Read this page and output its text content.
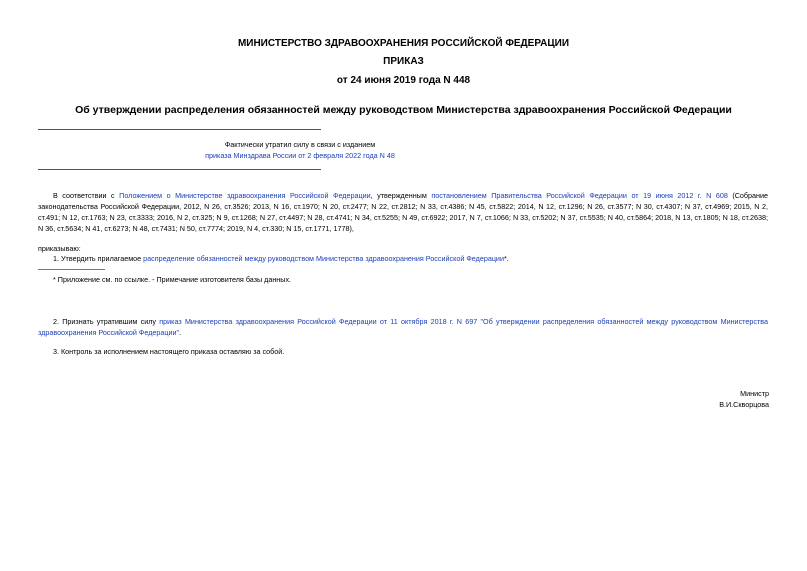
МИНИСТЕРСТВО ЗДРАВООХРАНЕНИЯ РОССИЙСКОЙ ФЕДЕРАЦИИ
ПРИКАЗ
от 24 июня 2019 года N 448
Об утверждении распределения обязанностей между руководством Министерства здравоохранения Российской Федерации
Фактически утратил силу в связи с изданием
приказа Минздрава России от 2 февраля 2022 года N 48

В соответствии с Положением о Министерстве здравоохранения Российской Федерации, утвержденным постановлением Правительства Российской Федерации от 19 июня 2012 г. N 608 (Собрание законодательства Российской Федерации, 2012, N 26, ст.3526; 2013, N 16, ст.1970; N 20, ст.2477; N 22, ст.2812; N 33, ст.4386; N 45, ст.5822; 2014, N 12, ст.1296; N 26, ст.3577; N 30, ст.4307; N 37, ст.4969; 2015, N 2, ст.491; N 12, ст.1763; N 23, ст.3333; 2016, N 2, ст.325; N 9, ст.1268; N 27, ст.4497; N 28, ст.4741; N 34, ст.5255; N 49, ст.6922; 2017, N 7, ст.1066; N 33, ст.5202; N 37, ст.5535; N 40, ст.5864; 2018, N 13, ст.1805; N 18, ст.2638; N 36, ст.5634; N 41, ст.6273; N 48, ст.7431; N 50, ст.7774; 2019, N 4, ст.330; N 15, ст.1771, 1778),

приказываю:

1. Утвердить прилагаемое распределение обязанностей между руководством Министерства здравоохранения Российской Федерации*.

* Приложение см. по ссылке. - Примечание изготовителя базы данных.

2. Признать утратившим силу приказ Министерства здравоохранения Российской Федерации от 11 октября 2018 г. N 697 "Об утверждении распределения обязанностей между руководством Министерства здравоохранения Российской Федерации".

3. Контроль за исполнением настоящего приказа оставляю за собой.
Министр
В.И.Скворцова
